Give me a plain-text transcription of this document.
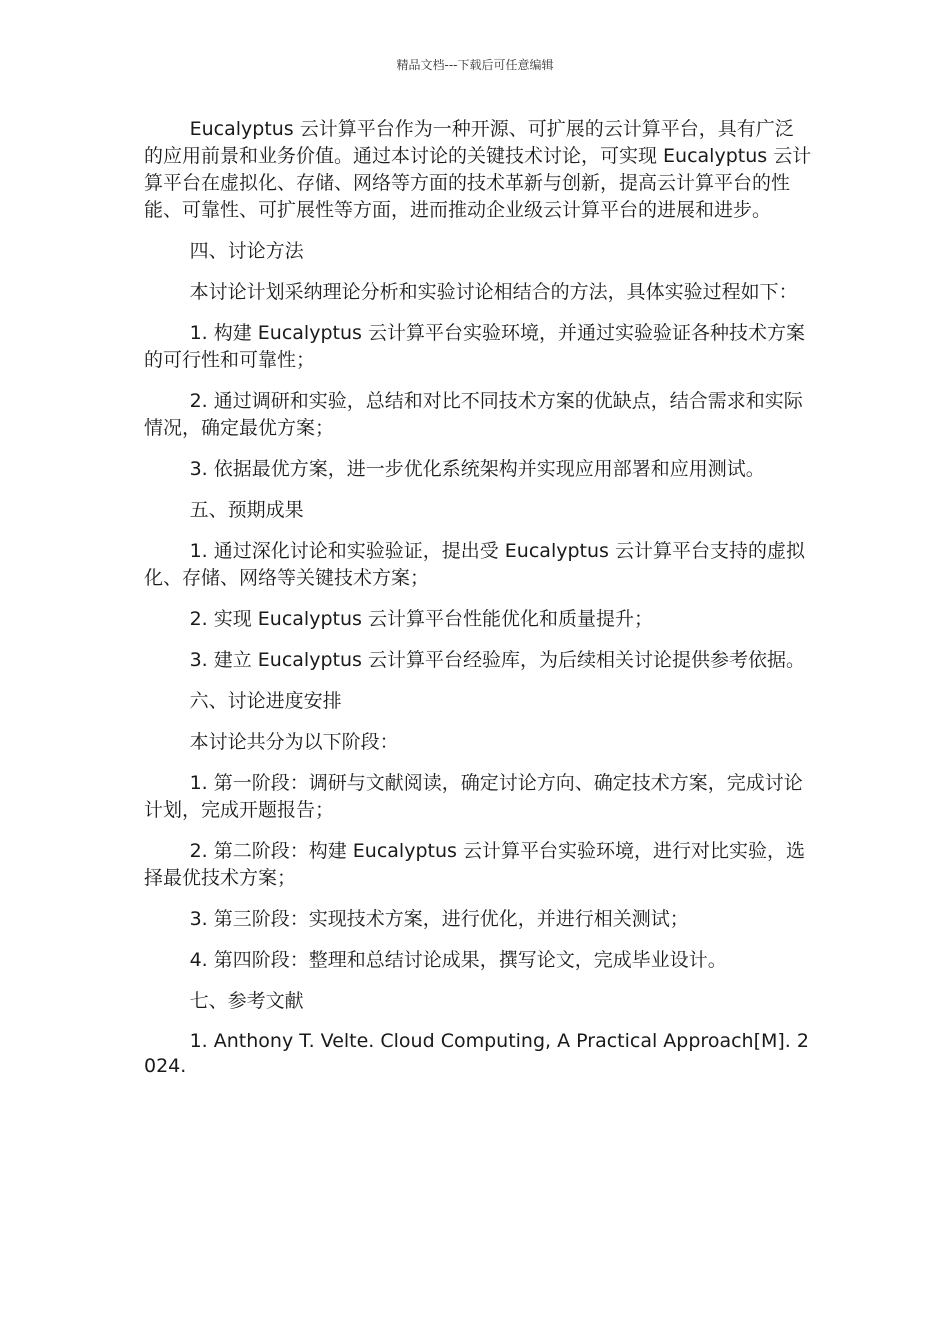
精品文档---下载后可任意编辑

Eucalyptus 云计算平台作为一种开源、可扩展的云计算平台，具有广泛的应用前景和业务价值。通过本讨论的关键技术讨论，可实现 Eucalyptus 云计算平台在虚拟化、存储、网络等方面的技术革新与创新，提高云计算平台的性能、可靠性、可扩展性等方面，进而推动企业级云计算平台的进展和进步。

四、讨论方法

本讨论计划采纳理论分析和实验讨论相结合的方法，具体实验过程如下：

1. 构建 Eucalyptus 云计算平台实验环境，并通过实验验证各种技术方案的可行性和可靠性；

2. 通过调研和实验，总结和对比不同技术方案的优缺点，结合需求和实际情况，确定最优方案；

3. 依据最优方案，进一步优化系统架构并实现应用部署和应用测试。

五、预期成果

1. 通过深化讨论和实验验证，提出受 Eucalyptus 云计算平台支持的虚拟化、存储、网络等关键技术方案；

2. 实现 Eucalyptus 云计算平台性能优化和质量提升；

3. 建立 Eucalyptus 云计算平台经验库，为后续相关讨论提供参考依据。

六、讨论进度安排

本讨论共分为以下阶段：

1. 第一阶段：调研与文献阅读，确定讨论方向、确定技术方案，完成讨论计划，完成开题报告；

2. 第二阶段：构建 Eucalyptus 云计算平台实验环境，进行对比实验，选择最优技术方案；

3. 第三阶段：实现技术方案，进行优化，并进行相关测试；

4. 第四阶段：整理和总结讨论成果，撰写论文，完成毕业设计。

七、参考文献

1. Anthony T. Velte. Cloud Computing, A Practical Approach[M]. 2024.
